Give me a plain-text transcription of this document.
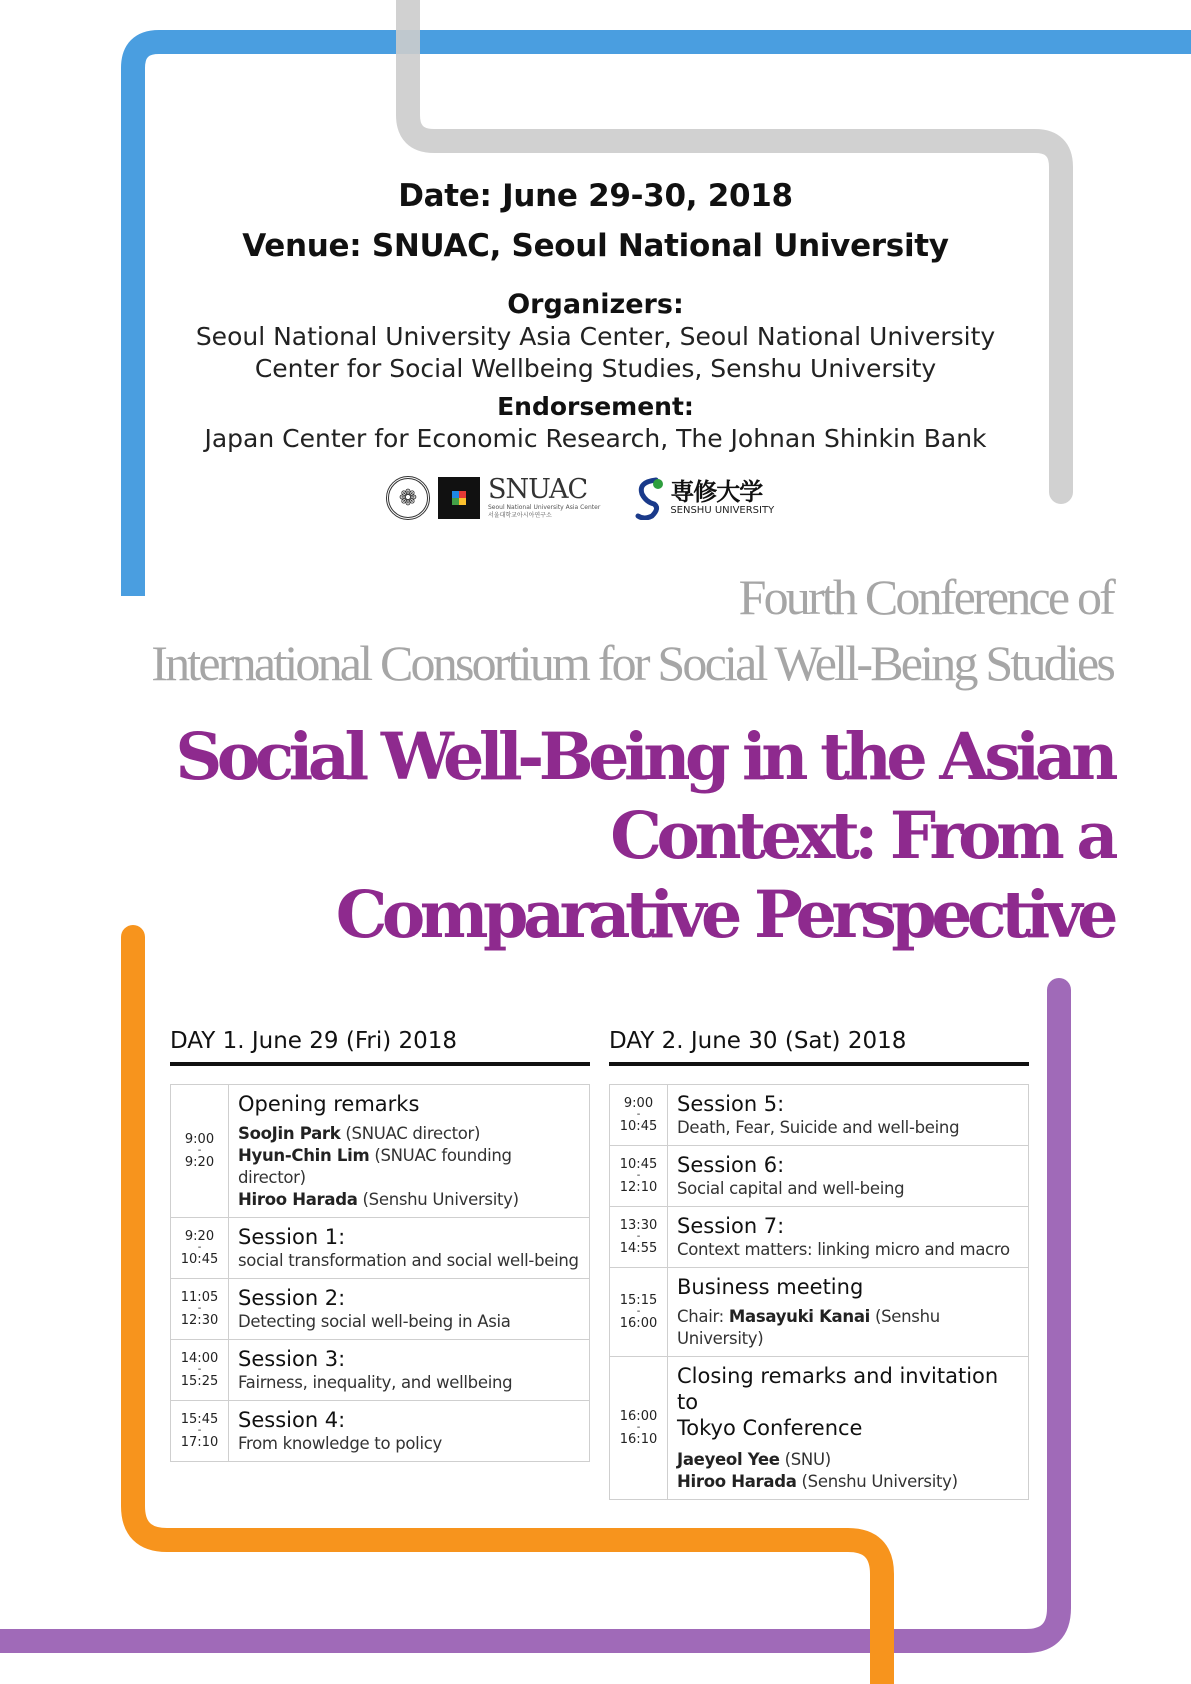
Date: June 29-30, 2018
Venue: SNUAC, Seoul National University
Organizers:
Seoul National University Asia Center, Seoul National University
Center for Social Wellbeing Studies, Senshu University
Endorsement:
Japan Center for Economic Research, The Johnan Shinkin Bank
❁	SNUAC
Seoul National University Asia Center
서울대학교아시아연구소
専修大学
SENSHU UNIVERSITY
Fourth Conference of
International Consortium for Social Well-Being Studies
Social Well-Being in the Asian
Context: From a
Comparative Perspective
DAY 1. June 29 (Fri) 2018
9:00
-
9:20
Opening remarks
SooJin Park (SNUAC director)
Hyun-Chin Lim (SNUAC founding director)
Hiroo Harada (Senshu University)
9:20
-
10:45
Session 1:
social transformation and social well-being
11:05
-
12:30
Session 2:
Detecting social well-being in Asia
14:00
-
15:25
Session 3:
Fairness, inequality, and wellbeing
15:45
-
17:10
Session 4:
From knowledge to policy
DAY 2. June 30 (Sat) 2018
9:00
-
10:45
Session 5:
Death, Fear, Suicide and well-being
10:45
-
12:10
Session 6:
Social capital and well-being
13:30
-
14:55
Session 7:
Context matters: linking micro and macro
15:15
-
16:00
Business meeting
Chair: Masayuki Kanai (Senshu University)
16:00
-
16:10
Closing remarks and invitation to
Tokyo Conference
Jaeyeol Yee (SNU)
Hiroo Harada (Senshu University)
